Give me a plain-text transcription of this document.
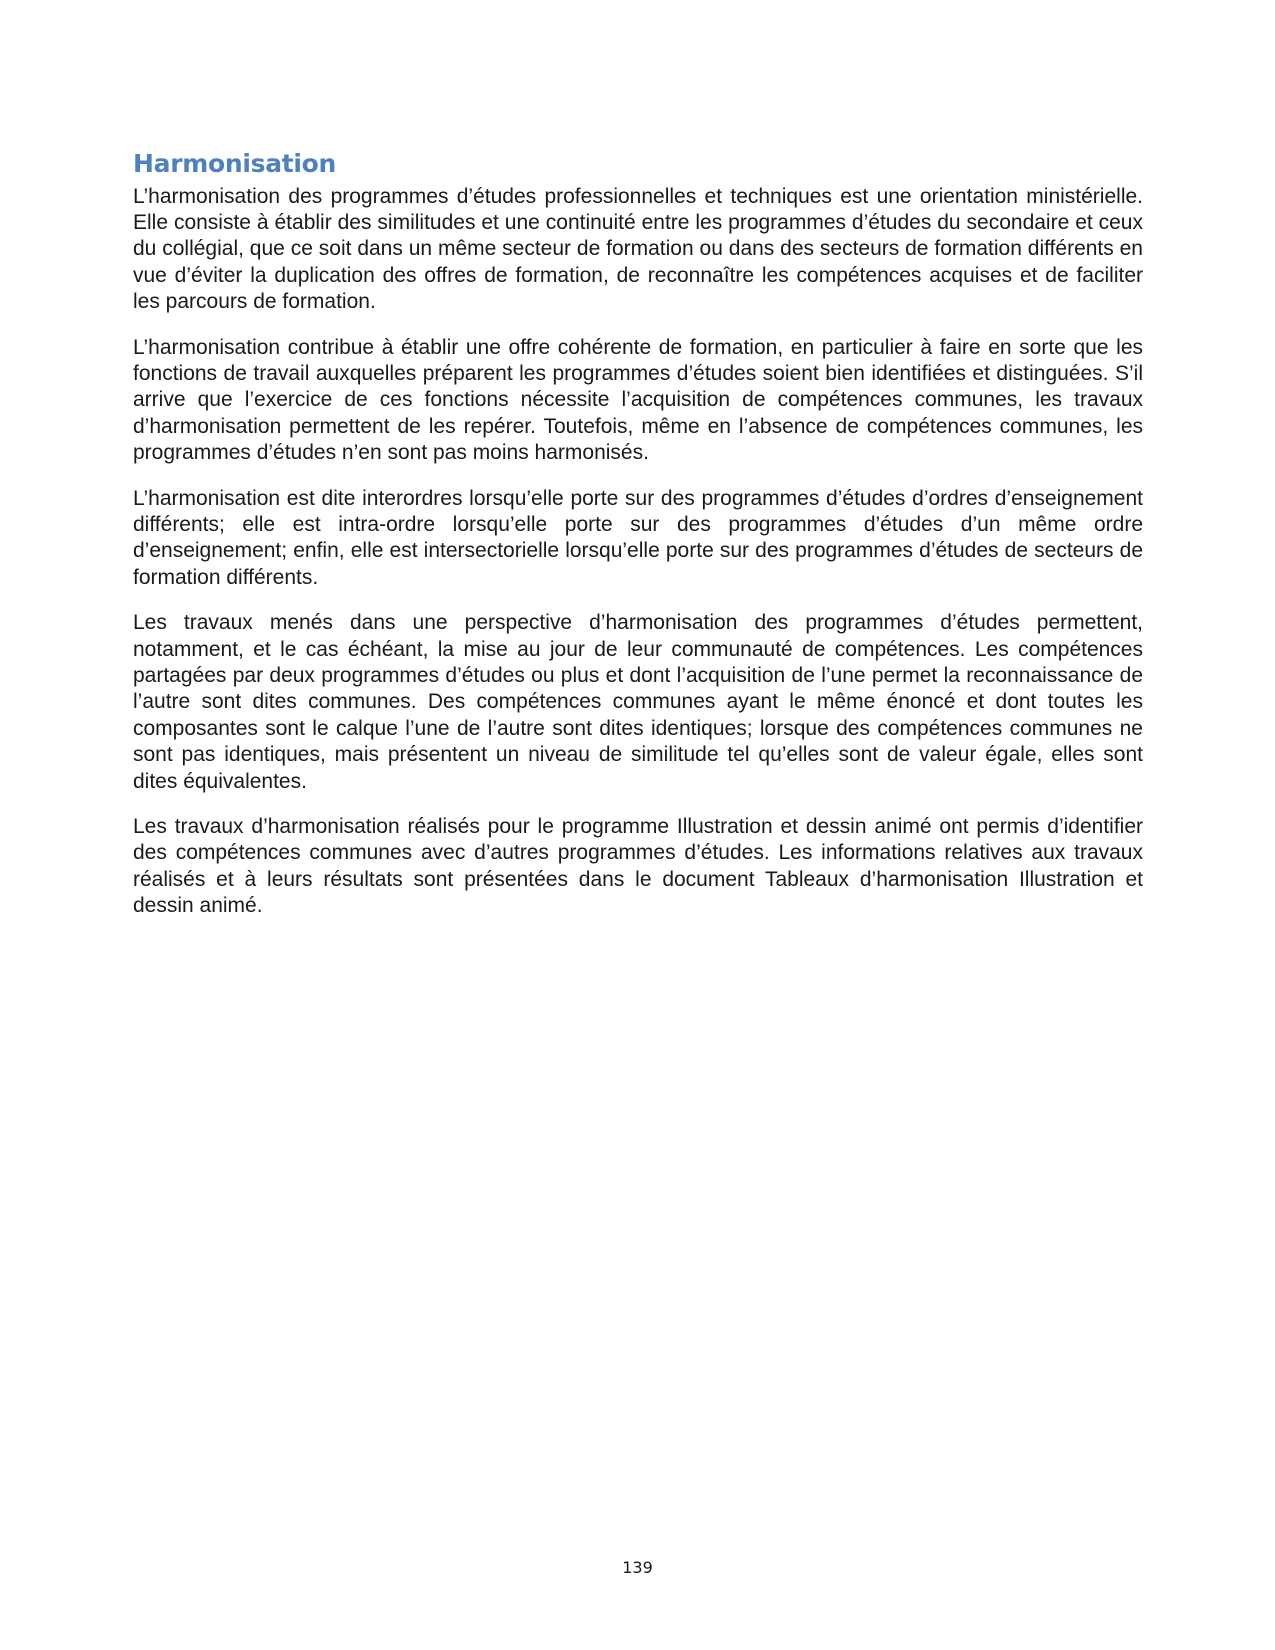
Harmonisation

L’harmonisation des programmes d’études professionnelles et techniques est une orientation ministérielle. Elle consiste à établir des similitudes et une continuité entre les programmes d’études du secondaire et ceux du collégial, que ce soit dans un même secteur de formation ou dans des secteurs de formation différents en vue d’éviter la duplication des offres de formation, de reconnaître les compétences acquises et de faciliter les parcours de formation.

L’harmonisation contribue à établir une offre cohérente de formation, en particulier à faire en sorte que les fonctions de travail auxquelles préparent les programmes d’études soient bien identifiées et distinguées. S’il arrive que l’exercice de ces fonctions nécessite l’acquisition de compétences communes, les travaux d’harmonisation permettent de les repérer. Toutefois, même en l’absence de compétences communes, les programmes d’études n’en sont pas moins harmonisés.

L’harmonisation est dite interordres lorsqu’elle porte sur des programmes d’études d’ordres d’enseignement différents; elle est intra-ordre lorsqu’elle porte sur des programmes d’études d’un même ordre d’enseignement; enfin, elle est intersectorielle lorsqu’elle porte sur des programmes d’études de secteurs de formation différents.

Les travaux menés dans une perspective d’harmonisation des programmes d’études permettent, notamment, et le cas échéant, la mise au jour de leur communauté de compétences. Les compétences partagées par deux programmes d’études ou plus et dont l’acquisition de l’une permet la reconnaissance de l’autre sont dites communes. Des compétences communes ayant le même énoncé et dont toutes les composantes sont le calque l’une de l’autre sont dites identiques; lorsque des compétences communes ne sont pas identiques, mais présentent un niveau de similitude tel qu’elles sont de valeur égale, elles sont dites équivalentes.

Les travaux d’harmonisation réalisés pour le programme Illustration et dessin animé ont permis d’identifier des compétences communes avec d’autres programmes d’études. Les informations relatives aux travaux réalisés et à leurs résultats sont présentées dans le document Tableaux d’harmonisation Illustration et dessin animé.

139
